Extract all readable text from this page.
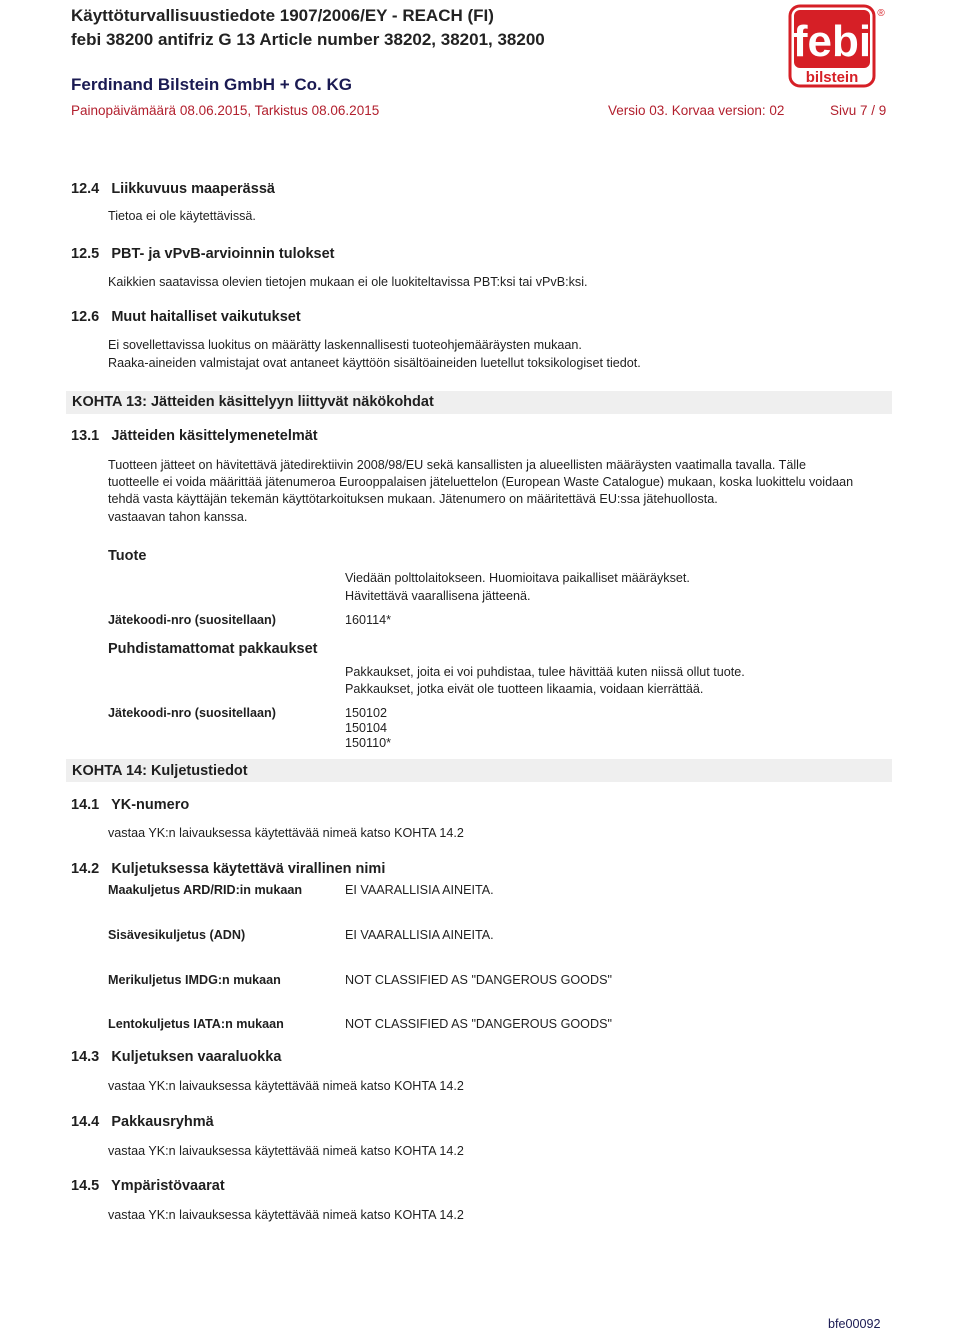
Käyttöturvallisuustiedote 1907/2006/EY - REACH (FI)
febi 38200 antifriz G 13 Article number 38202, 38201, 38200
Ferdinand Bilstein GmbH + Co. KG
Painopäivämäärä 08.06.2015, Tarkistus 08.06.2015	Versio 03. Korvaa version: 02	Sivu 7 / 9
febi
bilstein
®
12.4 Liikkuvuus maaperässä
Tietoa ei ole käytettävissä.
12.5 PBT- ja vPvB-arvioinnin tulokset
Kaikkien saatavissa olevien tietojen mukaan ei ole luokiteltavissa PBT:ksi tai vPvB:ksi.
12.6 Muut haitalliset vaikutukset
Ei sovellettavissa luokitus on määrätty laskennallisesti tuoteohjemääräysten mukaan.
Raaka-aineiden valmistajat ovat antaneet käyttöön sisältöaineiden luetellut toksikologiset tiedot.
KOHTA 13: Jätteiden käsittelyyn liittyvät näkökohdat
13.1 Jätteiden käsittelymenetelmät
Tuotteen jätteet on hävitettävä jätedirektiivin 2008/98/EU sekä kansallisten ja alueellisten määräysten vaatimalla tavalla. Tälle
tuotteelle ei voida määrittää jätenumeroa Eurooppalaisen jäteluettelon (European Waste Catalogue) mukaan, koska luokittelu voidaan
tehdä vasta käyttäjän tekemän käyttötarkoituksen mukaan. Jätenumero on määritettävä EU:ssa jätehuollosta.
vastaavan tahon kanssa.
Tuote
Viedään polttolaitokseen. Huomioitava paikalliset määräykset.
Hävitettävä vaarallisena jätteenä.
Jätekoodi-nro (suositellaan)	160114*
Puhdistamattomat pakkaukset
Pakkaukset, joita ei voi puhdistaa, tulee hävittää kuten niissä ollut tuote.
Pakkaukset, jotka eivät ole tuotteen likaamia, voidaan kierrättää.
Jätekoodi-nro (suositellaan)	150102
150104
150110*
KOHTA 14: Kuljetustiedot
14.1 YK-numero
vastaa YK:n laivauksessa käytettävää nimeä katso KOHTA 14.2
14.2 Kuljetuksessa käytettävä virallinen nimi
Maakuljetus ARD/RID:in mukaan	EI VAARALLISIA AINEITA.
Sisävesikuljetus (ADN)	EI VAARALLISIA AINEITA.
Merikuljetus IMDG:n mukaan	NOT CLASSIFIED AS "DANGEROUS GOODS"
Lentokuljetus IATA:n mukaan	NOT CLASSIFIED AS "DANGEROUS GOODS"
14.3 Kuljetuksen vaaraluokka
vastaa YK:n laivauksessa käytettävää nimeä katso KOHTA 14.2
14.4 Pakkausryhmä
vastaa YK:n laivauksessa käytettävää nimeä katso KOHTA 14.2
14.5 Ympäristövaarat
vastaa YK:n laivauksessa käytettävää nimeä katso KOHTA 14.2
bfe00092
